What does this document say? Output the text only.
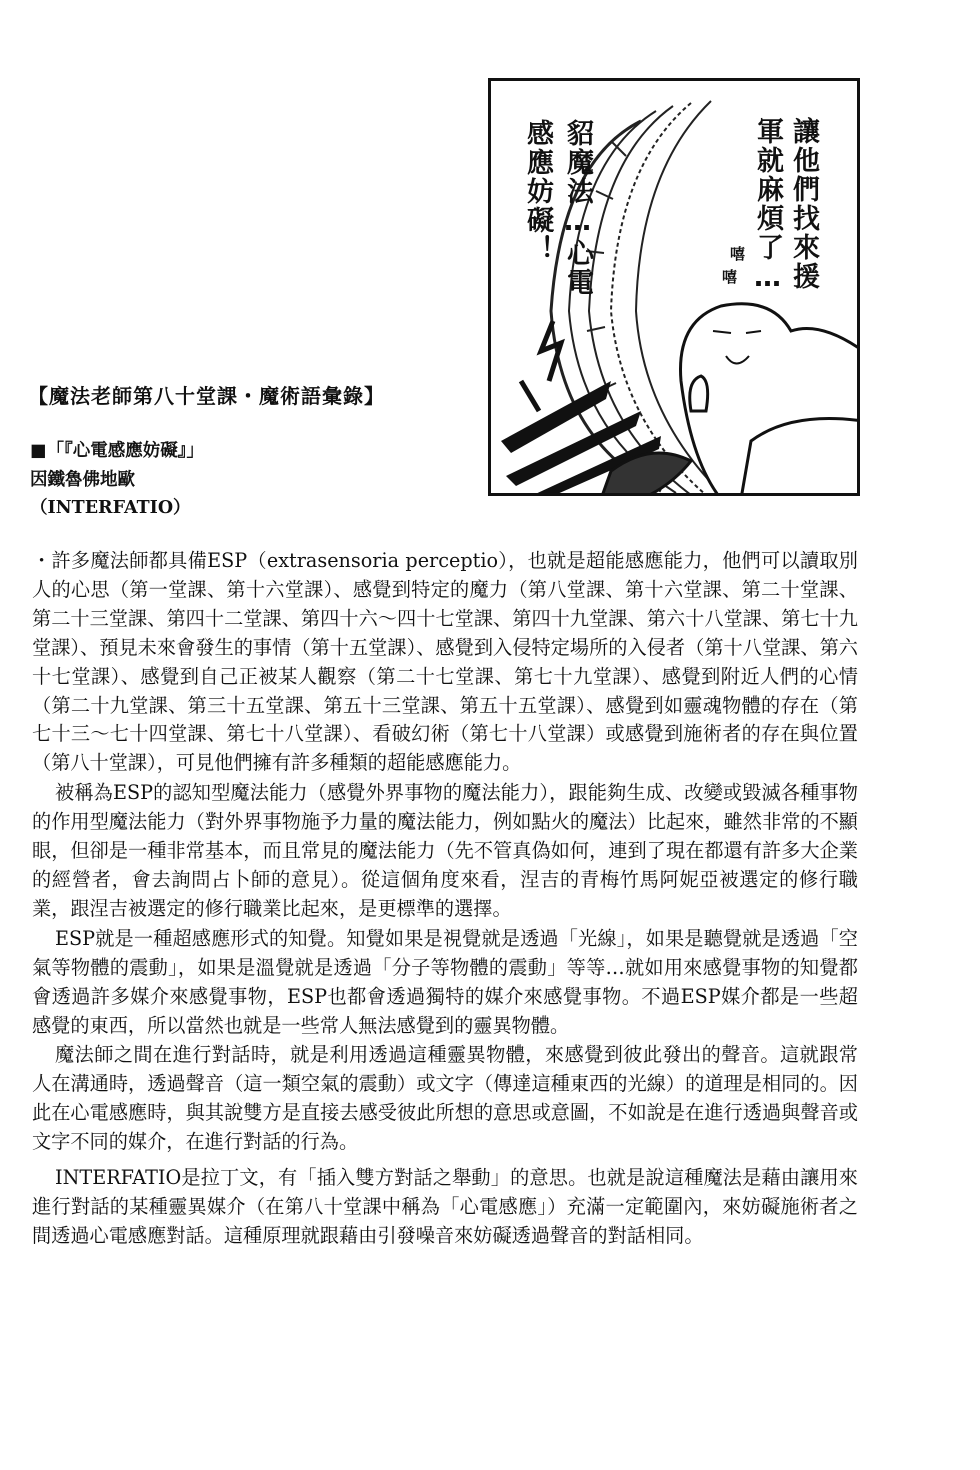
讓他們找來援
軍就麻煩了…
貂魔法…心電
感應妨礙！	嘻
嘻
【魔法老師第八十堂課・魔術語彙錄】
■「『心電感應妨礙』」
因鐵魯佛地歐
（INTERFATIO）

・許多魔法師都具備ESP（extrasensoria perceptio），也就是超能感應能力，他們可以讀取別人的心思（第一堂課、第十六堂課）、感覺到特定的魔力（第八堂課、第十六堂課、第二十堂課、第二十三堂課、第四十二堂課、第四十六～四十七堂課、第四十九堂課、第六十八堂課、第七十九堂課）、預見未來會發生的事情（第十五堂課）、感覺到入侵特定場所的入侵者（第十八堂課、第六十七堂課）、感覺到自己正被某人觀察（第二十七堂課、第七十九堂課）、感覺到附近人們的心情（第二十九堂課、第三十五堂課、第五十三堂課、第五十五堂課）、感覺到如靈魂物體的存在（第七十三～七十四堂課、第七十八堂課）、看破幻術（第七十八堂課）或感覺到施術者的存在與位置（第八十堂課），可見他們擁有許多種類的超能感應能力。

被稱為ESP的認知型魔法能力（感覺外界事物的魔法能力），跟能夠生成、改變或毀滅各種事物的作用型魔法能力（對外界事物施予力量的魔法能力，例如點火的魔法）比起來，雖然非常的不顯眼，但卻是一種非常基本，而且常見的魔法能力（先不管真偽如何，連到了現在都還有許多大企業的經營者，會去詢問占卜師的意見）。從這個角度來看，涅吉的青梅竹馬阿妮亞被選定的修行職業，跟涅吉被選定的修行職業比起來，是更標準的選擇。

ESP就是一種超感應形式的知覺。知覺如果是視覺就是透過「光線」，如果是聽覺就是透過「空氣等物體的震動」，如果是溫覺就是透過「分子等物體的震動」等等…就如用來感覺事物的知覺都會透過許多媒介來感覺事物，ESP也都會透過獨特的媒介來感覺事物。不過ESP媒介都是一些超感覺的東西，所以當然也就是一些常人無法感覺到的靈異物體。

魔法師之間在進行對話時，就是利用透過這種靈異物體，來感覺到彼此發出的聲音。這就跟常人在溝通時，透過聲音（這一類空氣的震動）或文字（傳達這種東西的光線）的道理是相同的。因此在心電感應時，與其說雙方是直接去感受彼此所想的意思或意圖，不如說是在進行透過與聲音或文字不同的媒介，在進行對話的行為。

INTERFATIO是拉丁文，有「插入雙方對話之舉動」的意思。也就是說這種魔法是藉由讓用來進行對話的某種靈異媒介（在第八十堂課中稱為「心電感應」）充滿一定範圍內，來妨礙施術者之間透過心電感應對話。這種原理就跟藉由引發噪音來妨礙透過聲音的對話相同。
